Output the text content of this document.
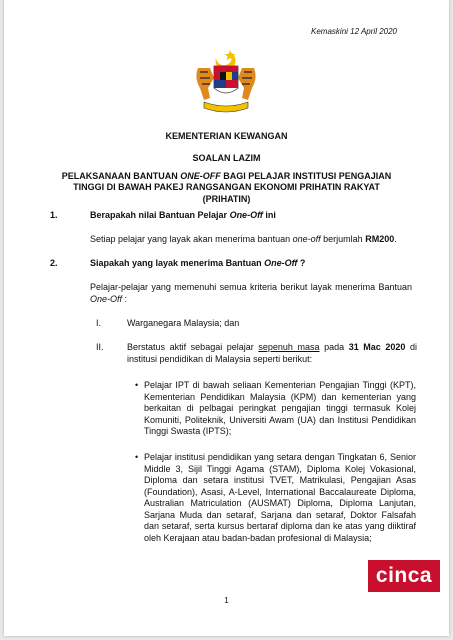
Kemaskini 12 April 2020
KEMENTERIAN KEWANGAN
SOALAN LAZIM
PELAKSANAAN BANTUAN ONE-OFF BAGI PELAJAR INSTITUSI PENGAJIAN
TINGGI DI BAWAH PAKEJ RANGSANGAN EKONOMI PRIHATIN RAKYAT
(PRIHATIN)
1.	Berapakah nilai Bantuan Pelajar One-Off ini
Setiap pelajar yang layak akan menerima bantuan one-off berjumlah RM200.
2.	Siapakah yang layak menerima Bantuan One-Off ?
Pelajar-pelajar yang memenuhi semua kriteria berikut layak menerima Bantuan One-Off :
I.	Warganegara Malaysia; dan
II.	Berstatus aktif sebagai pelajar sepenuh masa pada 31 Mac 2020 di institusi pendidikan di Malaysia seperti berikut:
• Pelajar IPT di bawah seliaan Kementerian Pengajian Tinggi (KPT), Kementerian Pendidikan Malaysia (KPM) dan kementerian yang berkaitan di pelbagai peringkat pengajian tinggi termasuk Kolej Komuniti, Politeknik, Universiti Awam (UA) dan Institusi Pendidikan Tinggi Swasta (IPTS);
• Pelajar institusi pendidikan yang setara dengan Tingkatan 6, Senior Middle 3, Sijil Tinggi Agama (STAM), Diploma Kolej Vokasional, Diploma dan setara institusi TVET, Matrikulasi, Pengajian Asas (Foundation), Asasi, A-Level, International Baccalaureate Diploma, Australian Matriculation (AUSMAT) Diploma, Diploma Lanjutan, Sarjana Muda dan setaraf, Sarjana dan setaraf, Doktor Falsafah dan setaraf, serta kursus bertaraf diploma dan ke atas yang diiktiraf oleh Kerajaan atau badan-badan profesional di Malaysia;
1
cinca
